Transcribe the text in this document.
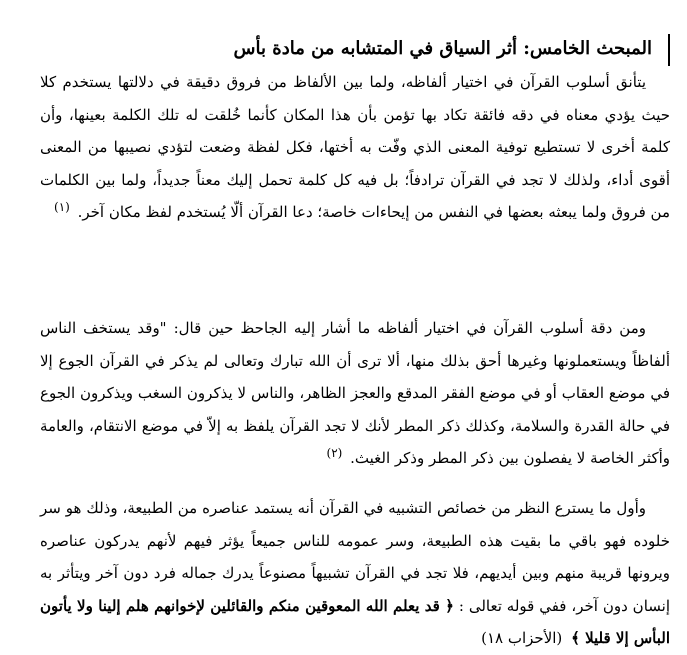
المبحث الخامس: أثر السياق في المتشابه من مادة بأس

يتأنق أسلوب القرآن في اختيار ألفاظه، ولما بين الألفاظ من فروق دقيقة في دلالتها يستخدم كلا حيث يؤدي معناه في دقه فائقة تكاد بها تؤمن بأن هذا المكان كأنما خُلقت له تلك الكلمة بعينها، وأن كلمة أخرى لا تستطيع توفية المعنى الذي وفّت به أختها، فكل لفظة وضعت لتؤدي نصيبها من المعنى أقوى أداء، ولذلك لا تجد في القرآن ترادفاً؛ بل فيه كل كلمة تحمل إليك معناً جديداً، ولما بين الكلمات من فروق ولما يبعثه بعضها في النفس من إيحاءات خاصة؛ دعا القرآن ألّا يُستخدم لفظ مكان آخر. $^{(١)}$

ومن دقة أسلوب القرآن في اختيار ألفاظه ما أشار إليه الجاحظ حين قال: "وقد يستخف الناس ألفاظاً ويستعملونها وغيرها أحق بذلك منها، ألا ترى أن الله تبارك وتعالى لم يذكر في القرآن الجوع إلا في موضع العقاب أو في موضع الفقر المدقع والعجز الظاهر، والناس لا يذكرون السغب ويذكرون الجوع في حالة القدرة والسلامة، وكذلك ذكر المطر لأنك لا تجد القرآن يلفظ به إلاّ في موضع الانتقام، والعامة وأكثر الخاصة لا يفصلون بين ذكر المطر وذكر الغيث. $^{(٢)}$

وأول ما يسترع النظر من خصائص التشبيه في القرآن أنه يستمد عناصره من الطبيعة، وذلك هو سر خلوده فهو باقي ما بقيت هذه الطبيعة، وسر عمومه للناس جميعاً يؤثر فيهم لأنهم يدركون عناصره ويرونها قريبة منهم وبين أيديهم، فلا تجد في القرآن تشبيهاً مصنوعاً يدرك جماله فرد دون آخر ويتأثر به إنسان دون آخر، ففي قوله تعالى : ﴿ قد يعلم الله المعوقين منكم والقائلين لإخوانهم هلم إلينا ولا يأتون البأس إلا قليلا ﴾ (الأحزاب ١٨)
